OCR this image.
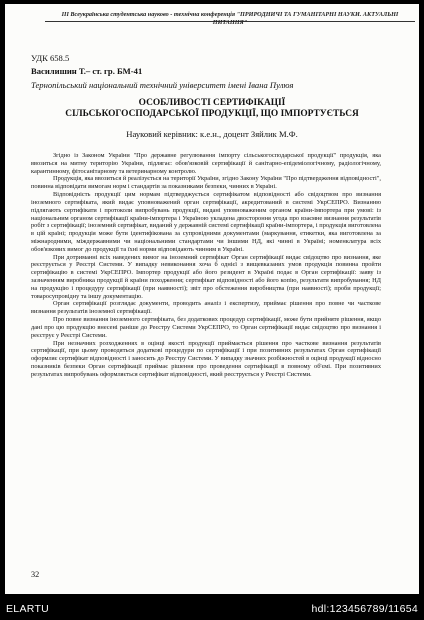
III Всеукраїнська студентська науково - технічна конференція "ПРИРОДНИЧІ ТА ГУМАНІТАРНІ НАУКИ. АКТУАЛЬНІ ПИТАННЯ"
УДК 658.5
Василишин Т.– ст. гр. БМ-41
Тернопільський національний технічний університет імені Івана Пулюя
ОСОБЛИВОСТІ СЕРТИФІКАЦІЇ
СІЛЬСЬКОГОСПОДАРСЬКОЇ ПРОДУКЦІЇ, ЩО ІМПОРТУЄТЬСЯ
Науковий керівник: к.е.н., доцент Зяйлик М.Ф.

Згідно із Законом України "Про державне регулювання імпорту сільськогосподарської продукції" продукція, яка ввозиться на митну територію України, підлягає: обов'язковій сертифікації й санітарно-епідеміологічному, радіологічному, карантинному, фітосанітарному та ветеринарному контролю.

Продукція, яка ввозиться й реалізується на території України, згідно Закону України "Про підтвердження відповідності", повинна відповідати вимогам норм і стандартів за показниками безпеки, чинних в Україні.

Відповідність продукції цим нормам підтверджується сертифікатом відповідності або свідоцтвом про визнання іноземного сертифіката, який видає уповноважений орган сертифікації, акредитований в системі УкрСЕПРО. Визнанню підлягають сертифікати і протоколи випробувань продукції, видані уповноваженим органом країни-імпортера при умові: із національним органом сертифікації країни-імпортера і Україною укладена двостороння угода про взаємне визнання результатів робіт з сертифікації; іноземний сертифікат, виданий у державній системі сертифікації країни-імпортера, і продукція виготовлена в цій країні; продукція може бути ідентифікована за супровідними документами (маркування, етикетки, яка виготовлена за міжнародними, міждержавними чи національними стандартами чи іншими НД, які чинні в Україні; номенклатура всіх обов'язкових вимог до продукції та їхні норми відповідають чинним в Україні.

При дотриманні всіх наведених вимог на іноземний сертифікат Орган сертифікації видає свідоцтво про визнання, яке реєструється у Реєстрі Системи. У випадку невиконання хоча б однієї з вищевказаних умов продукція повинна пройти сертифікацію в системі УкрСЕПРО. Імпортер продукції або його резидент в Україні подає в Орган сертифікації: заяву із зазначенням виробника продукції й країни походження; сертифікат відповідності або його копію, результати випробування; НД на продукцію і процедуру сертифікації (при наявності); звіт про обстеження виробництва (при наявності); проби продукції; товаросупровідну та іншу документацію.

Орган сертифікації розглядає документи, проводить аналіз і експертизу, приймає рішення про повне чи часткове визнання результатів іноземної сертифікації.

Про повне визнання іноземного сертифіката, без додаткових процедур сертифікації, може бути прийняте рішення, якщо дані про цю продукцію внесені раніше до Реєстру Системи УкрСЕПРО, то Орган сертифікації видає свідоцтво про визнання і реєструє у Реєстрі Системи.

При незначних розходженнях в оцінці якості продукції приймається рішення про часткове визнання результатів сертифікації, при цьому проводяться додаткові процедури по сертифікації і при позитивних результатах Орган сертифікації оформляє сертифікат відповідності і заносить до Реєстру Системи. У випадку значних розбіжностей в оцінці продукції відносно показників безпеки Орган сертифікації приймає рішення про проведення сертифікації в повному об'ємі. При позитивних результатах випробувань оформляється сертифікат відповідності, який реєструється у Реєстрі Системи.

32
ELARTU	hdl:123456789/11654
